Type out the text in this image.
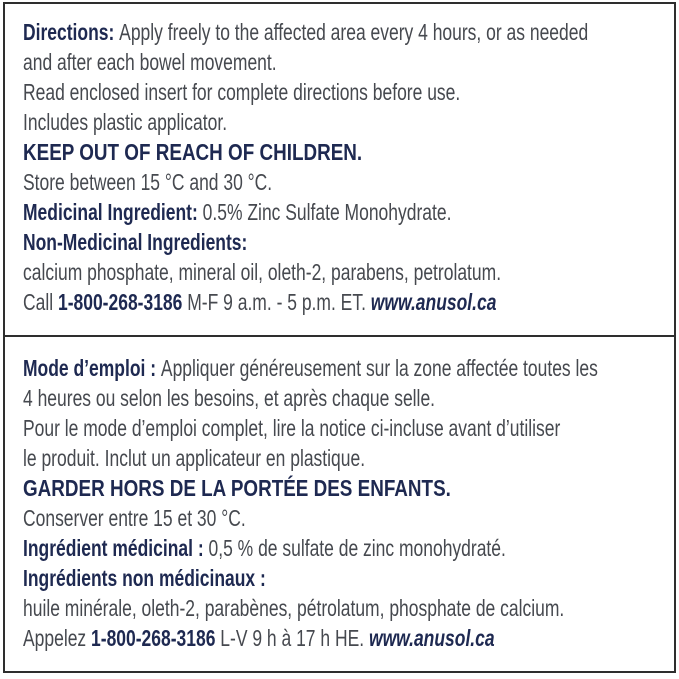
Directions: Apply freely to the affected area every 4 hours, or as needed
and after each bowel movement.
Read enclosed insert for complete directions before use.
Includes plastic applicator.
KEEP OUT OF REACH OF CHILDREN.
Store between 15 °C and 30 °C.
Medicinal Ingredient: 0.5% Zinc Sulfate Monohydrate.
Non-Medicinal Ingredients:
calcium phosphate, mineral oil, oleth-2, parabens, petrolatum.
Call 1-800-268-3186 M-F 9 a.m. - 5 p.m. ET. www.anusol.ca
Mode d’emploi : Appliquer généreusement sur la zone affectée toutes les
4 heures ou selon les besoins, et après chaque selle.
Pour le mode d’emploi complet, lire la notice ci-incluse avant d’utiliser
le produit. Inclut un applicateur en plastique.
GARDER HORS DE LA PORTÉE DES ENFANTS.
Conserver entre 15 et 30 °C.
Ingrédient médicinal : 0,5 % de sulfate de zinc monohydraté.
Ingrédients non médicinaux :
huile minérale, oleth-2, parabènes, pétrolatum, phosphate de calcium.
Appelez 1-800-268-3186 L-V 9 h à 17 h HE. www.anusol.ca
